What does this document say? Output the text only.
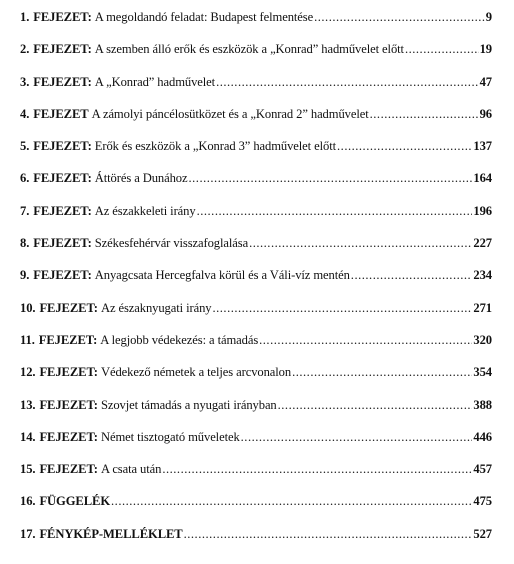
1. FEJEZET:
A megoldandó feladat: Budapest felmentése .....	9
2. FEJEZET:
A szemben álló erők és eszközök a „Konrad” hadművelet előtt .....	19
3. FEJEZET:
A „Konrad” hadművelet .....	47
4. FEJEZET
A zámolyi páncélosütközet és a „Konrad 2” hadművelet .....	96
5. FEJEZET:
Erők és eszközök a „Konrad 3” hadművelet előtt .....	137
6. FEJEZET:
Áttörés a Dunához .....	164
7. FEJEZET:
Az északkeleti irány .....	196
8. FEJEZET:
Székesfehérvár visszafoglalása .....	227
9. FEJEZET:
Anyagcsata Hercegfalva körül és a Váli-víz mentén .....	234
10. FEJEZET:
Az északnyugati irány .....	271
11. FEJEZET:
A legjobb védekezés: a támadás .....	320
12. FEJEZET:
Védekező németek a teljes arcvonalon .....	354
13. FEJEZET:
Szovjet támadás a nyugati irányban .....	388
14. FEJEZET:
Német tisztogató műveletek .....	446
15. FEJEZET:
A csata után .....	457
16. FÜGGELÉK .....	475
17. FÉNYKÉP-MELLÉKLET .....	527
